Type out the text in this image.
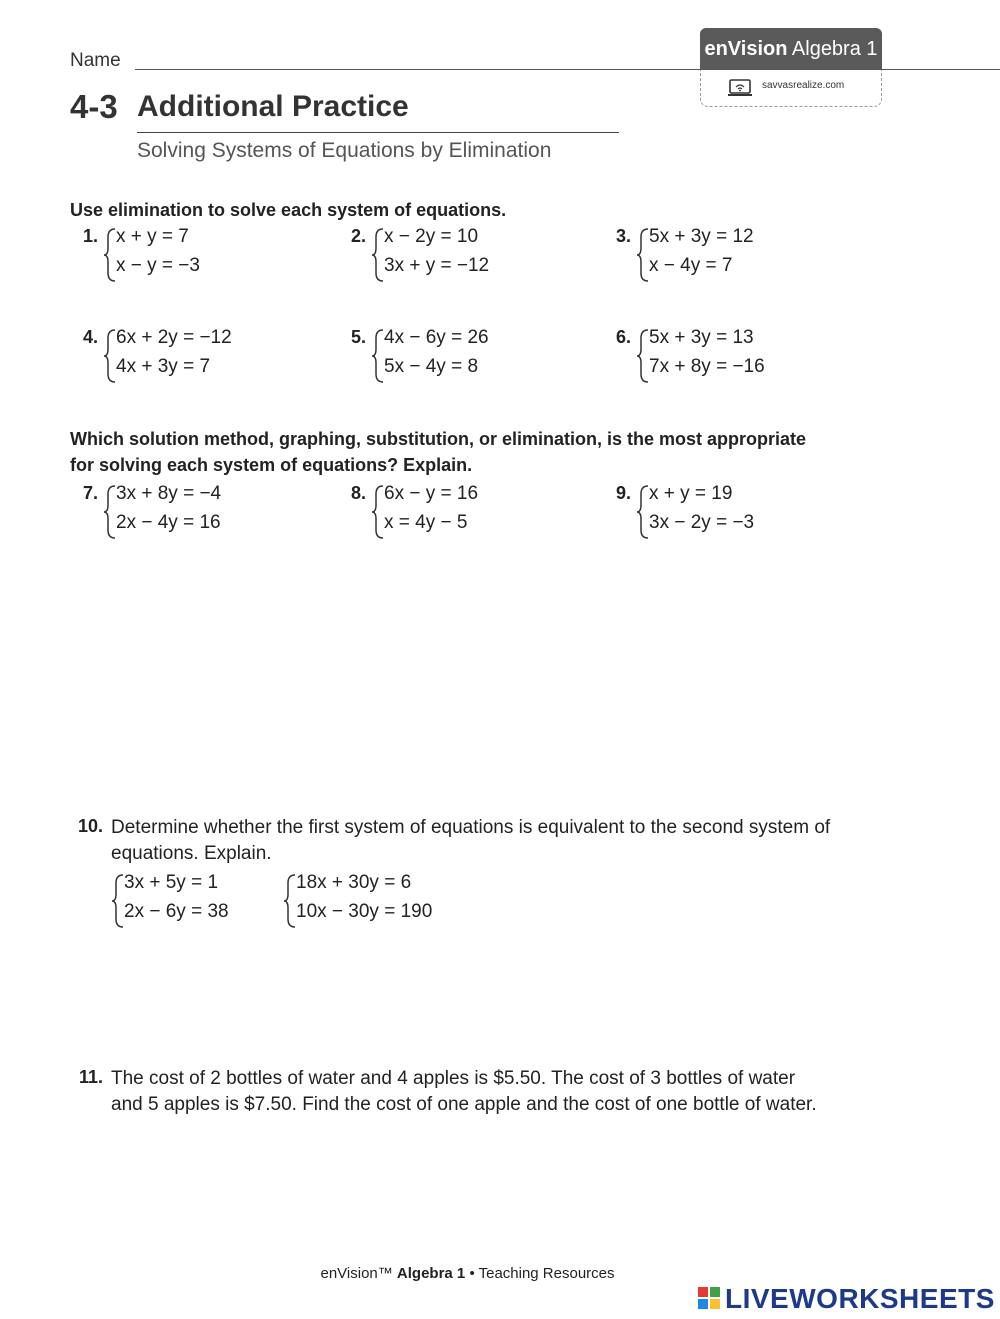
Name
enVision Algebra 1
savvasrealize.com
4-3 Additional Practice
Solving Systems of Equations by Elimination
Use elimination to solve each system of equations.
1. x + y = 7
x − y = −3
2. x − 2y = 10
3x + y = −12
3. 5x + 3y = 12
x − 4y = 7
4. 6x + 2y = −12
4x + 3y = 7
5. 4x − 6y = 26
5x − 4y = 8
6. 5x + 3y = 13
7x + 8y = −16
Which solution method, graphing, substitution, or elimination, is the most appropriate for solving each system of equations? Explain.
7. 3x + 8y = −4
2x − 4y = 16
8. 6x − y = 16
x = 4y − 5
9. x + y = 19
3x − 2y = −3
10. Determine whether the first system of equations is equivalent to the second system of equations. Explain.
3x + 5y = 1
2x − 6y = 38
18x + 30y = 6
10x − 30y = 190
11. The cost of 2 bottles of water and 4 apples is $5.50. The cost of 3 bottles of water and 5 apples is $7.50. Find the cost of one apple and the cost of one bottle of water.
enVision™ Algebra 1 • Teaching Resources
LIVEWORKSHEETS
